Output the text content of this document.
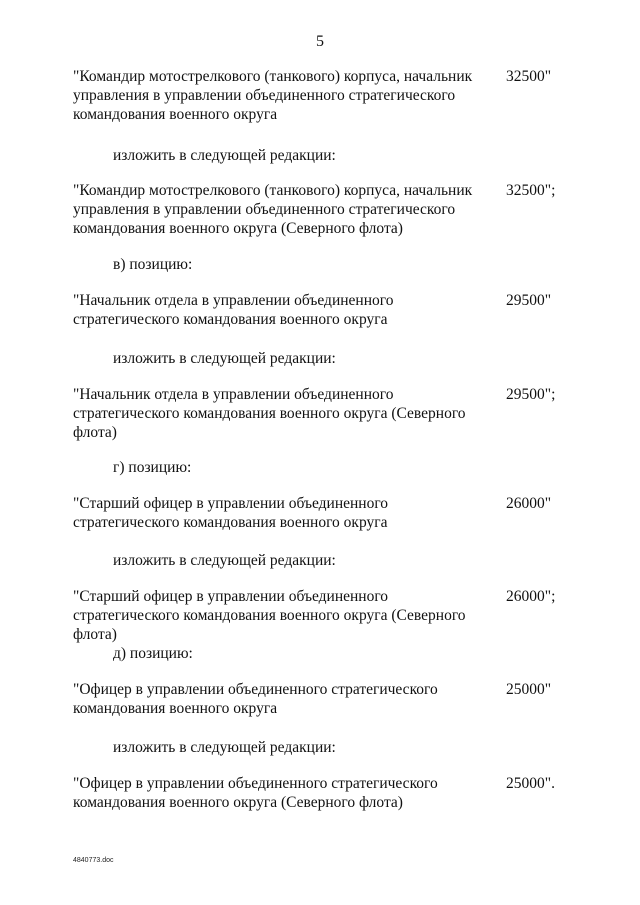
5
"Командир мотострелкового (танкового) корпуса, начальник управления в управлении объединенного стратегического командования военного округа
32500"
изложить в следующей редакции:
"Командир мотострелкового (танкового) корпуса, начальник управления в управлении объединенного стратегического командования военного округа (Северного флота)
32500";
в) позицию:
"Начальник отдела в управлении объединенного стратегического командования военного округа
29500"
изложить в следующей редакции:
"Начальник отдела в управлении объединенного стратегического командования военного округа (Северного флота)
29500";
г) позицию:
"Старший офицер в управлении объединенного стратегического командования военного округа
26000"
изложить в следующей редакции:
"Старший офицер в управлении объединенного стратегического командования военного округа (Северного флота)
26000";
д) позицию:
"Офицер в управлении объединенного стратегического командования военного округа
25000"
изложить в следующей редакции:
"Офицер в управлении объединенного стратегического командования военного округа (Северного флота)
25000".
4840773.doc
